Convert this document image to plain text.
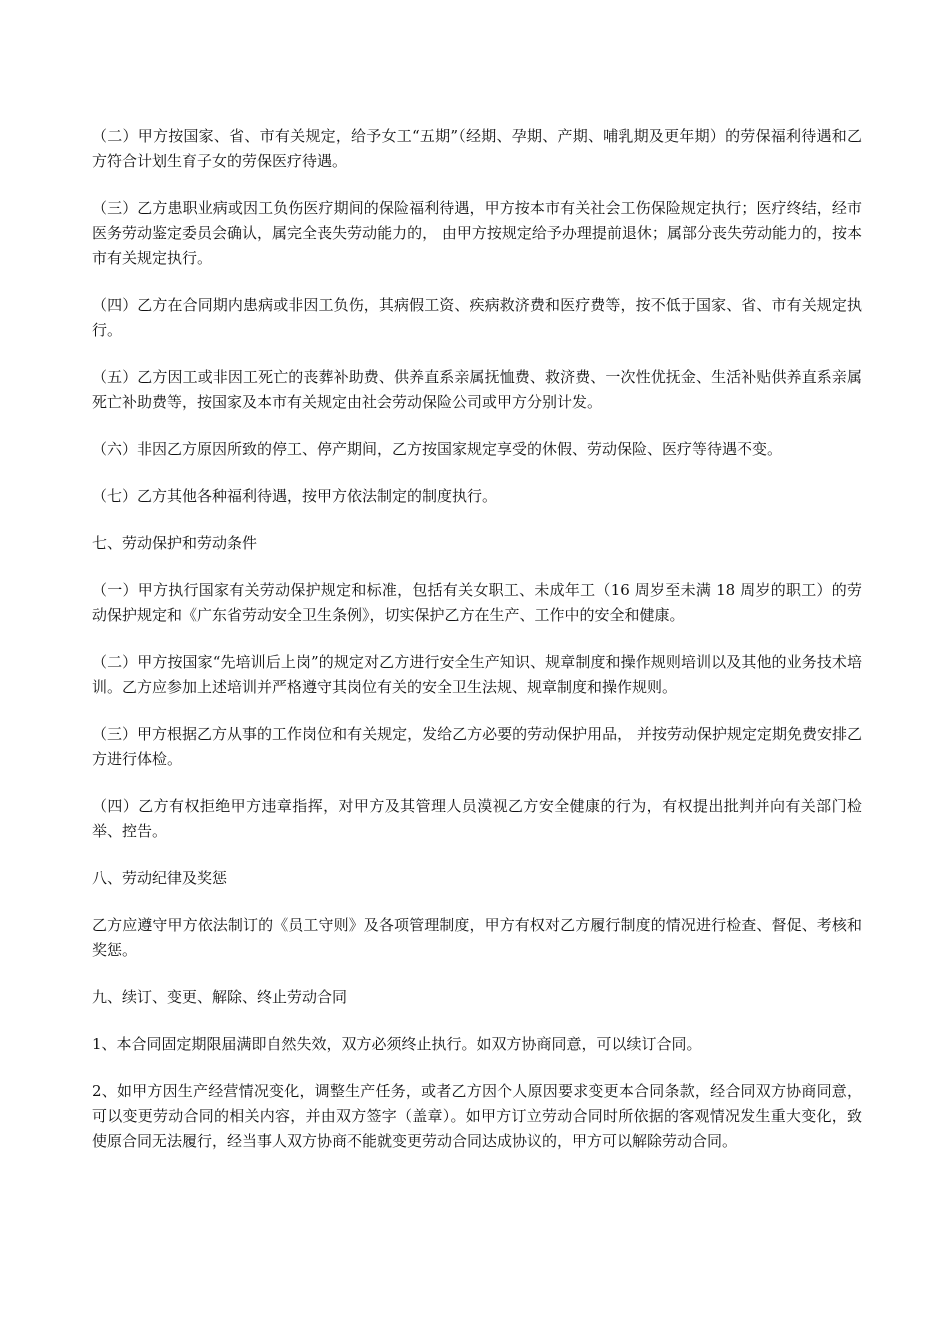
（二）甲方按国家、省、市有关规定，给予女工“五期”（经期、孕期、产期、哺乳期及更年期）的劳保福利待遇和乙方符合计划生育子女的劳保医疗待遇。

（三）乙方患职业病或因工负伤医疗期间的保险福利待遇，甲方按本市有关社会工伤保险规定执行；医疗终结，经市医务劳动鉴定委员会确认，属完全丧失劳动能力的， 由甲方按规定给予办理提前退休；属部分丧失劳动能力的，按本市有关规定执行。

（四）乙方在合同期内患病或非因工负伤，其病假工资、疾病救济费和医疗费等，按不低于国家、省、市有关规定执行。

（五）乙方因工或非因工死亡的丧葬补助费、供养直系亲属抚恤费、救济费、一次性优抚金、生活补贴供养直系亲属死亡补助费等，按国家及本市有关规定由社会劳动保险公司或甲方分别计发。

（六）非因乙方原因所致的停工、停产期间，乙方按国家规定享受的休假、劳动保险、医疗等待遇不变。

（七）乙方其他各种福利待遇，按甲方依法制定的制度执行。

七、劳动保护和劳动条件

（一）甲方执行国家有关劳动保护规定和标准，包括有关女职工、未成年工（16 周岁至未满 18 周岁的职工）的劳动保护规定和《广东省劳动安全卫生条例》，切实保护乙方在生产、工作中的安全和健康。

（二）甲方按国家“先培训后上岗”的规定对乙方进行安全生产知识、规章制度和操作规则培训以及其他的业务技术培训。乙方应参加上述培训并严格遵守其岗位有关的安全卫生法规、规章制度和操作规则。

（三）甲方根据乙方从事的工作岗位和有关规定，发给乙方必要的劳动保护用品， 并按劳动保护规定定期免费安排乙方进行体检。

（四）乙方有权拒绝甲方违章指挥，对甲方及其管理人员漠视乙方安全健康的行为，有权提出批判并向有关部门检举、控告。

八、劳动纪律及奖惩

乙方应遵守甲方依法制订的《员工守则》及各项管理制度，甲方有权对乙方履行制度的情况进行检查、督促、考核和奖惩。

九、续订、变更、解除、终止劳动合同

1、本合同固定期限届满即自然失效，双方必须终止执行。如双方协商同意，可以续订合同。

2、如甲方因生产经营情况变化，调整生产任务，或者乙方因个人原因要求变更本合同条款，经合同双方协商同意，可以变更劳动合同的相关内容，并由双方签字（盖章）。如甲方订立劳动合同时所依据的客观情况发生重大变化，致使原合同无法履行，经当事人双方协商不能就变更劳动合同达成协议的，甲方可以解除劳动合同。
